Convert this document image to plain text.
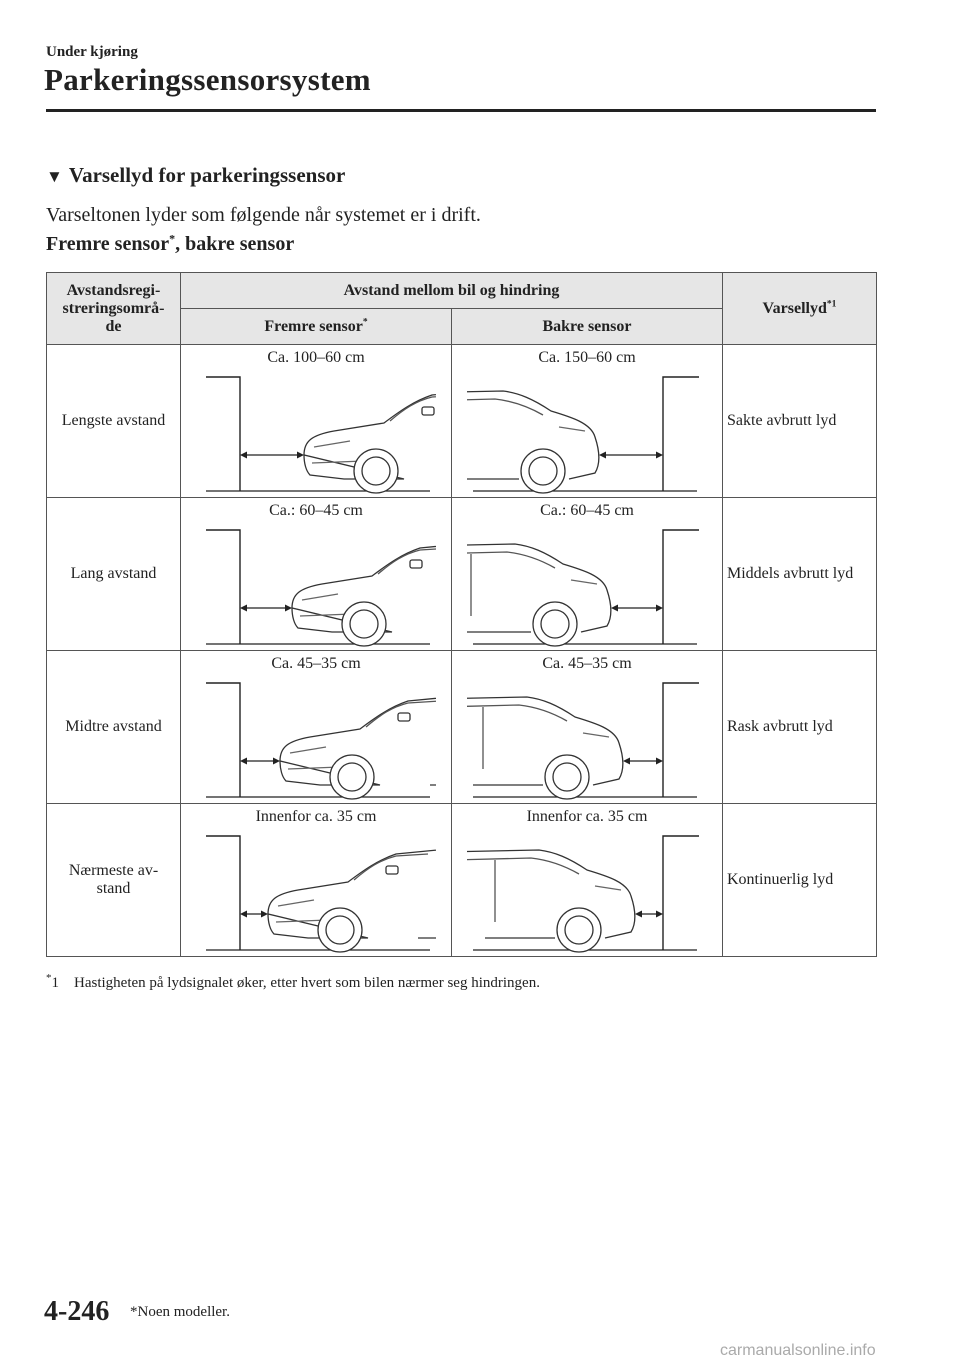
Under kjøring
Parkeringssensorsystem
▼ Varsellyd for parkeringssensor
Varseltonen lyder som følgende når systemet er i drift.
Fremre sensor*, bakre sensor
Avstandsregi-
streringsområ-
de	Avstand mellom bil og hindring		Varsellyd$^{*1}$
	Fremre sensor*	Bakre sensor	
Lengste avstand	Ca. 100–60 cm	Ca. 150–60 cm	Sakte avbrutt lyd
Lang avstand	Ca.: 60–45 cm	Ca.: 60–45 cm	Middels avbrutt lyd
Midtre avstand	Ca. 45–35 cm	Ca. 45–35 cm	Rask avbrutt lyd
Nærmeste av-
stand	Innenfor ca. 35 cm	Innenfor ca. 35 cm	Kontinuerlig lyd
*1 Hastigheten på lydsignalet øker, etter hvert som bilen nærmer seg hindringen.
4-246 *Noen modeller.
carmanualsonline.info
